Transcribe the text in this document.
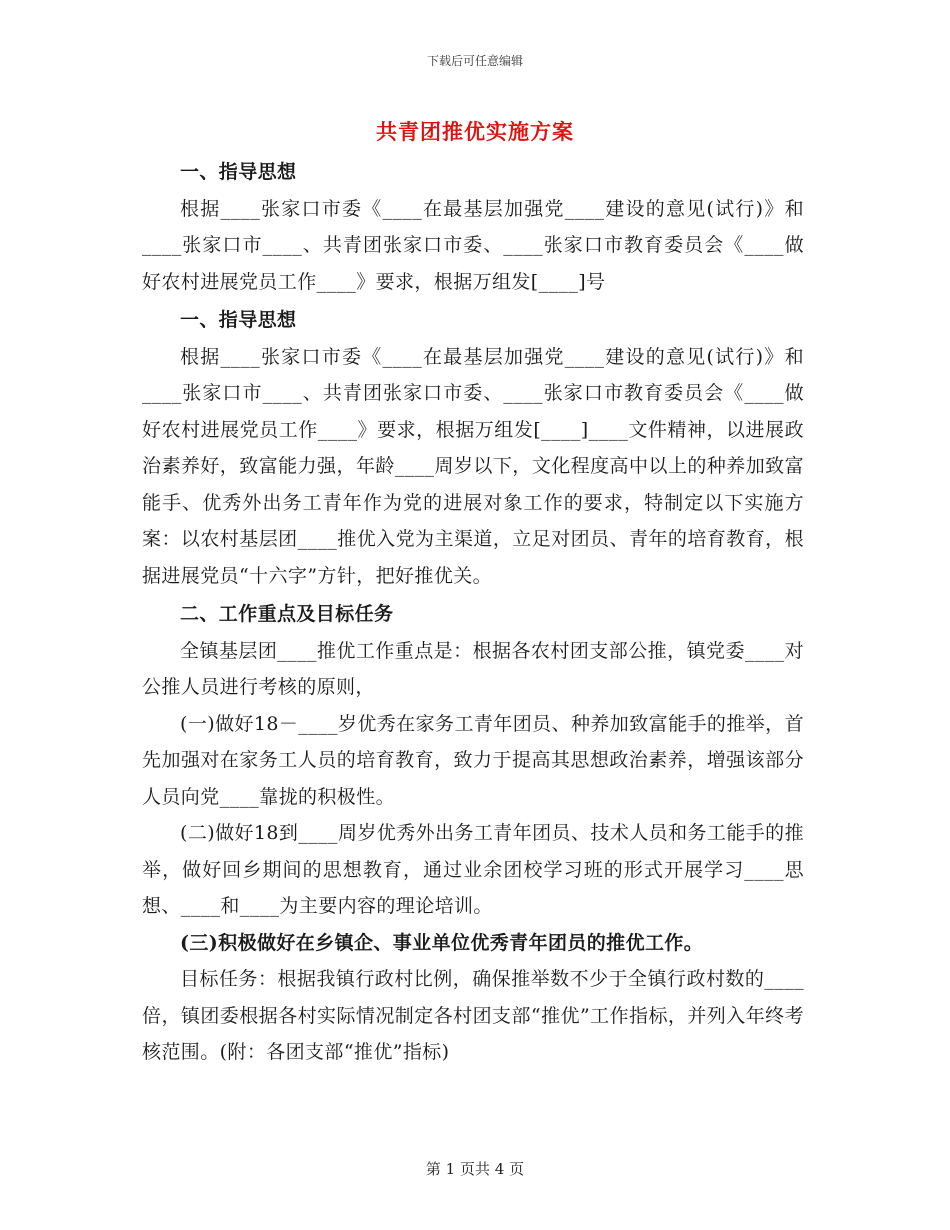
下载后可任意编辑
共青团推优实施方案

一、指导思想

根据____张家口市委《____在最基层加强党____建设的意见(试行)》和____张家口市____、共青团张家口市委、____张家口市教育委员会《____做好农村进展党员工作____》要求，根据万组发[____]号

一、指导思想

根据____张家口市委《____在最基层加强党____建设的意见(试行)》和____张家口市____、共青团张家口市委、____张家口市教育委员会《____做好农村进展党员工作____》要求，根据万组发[____]____文件精神，以进展政治素养好，致富能力强，年龄____周岁以下，文化程度高中以上的种养加致富能手、优秀外出务工青年作为党的进展对象工作的要求，特制定以下实施方案：以农村基层团____推优入党为主渠道，立足对团员、青年的培育教育，根据进展党员“十六字”方针，把好推优关。

二、工作重点及目标任务

全镇基层团____推优工作重点是：根据各农村团支部公推，镇党委____对公推人员进行考核的原则，

(一)做好18－____岁优秀在家务工青年团员、种养加致富能手的推举，首先加强对在家务工人员的培育教育，致力于提高其思想政治素养，增强该部分人员向党____靠拢的积极性。

(二)做好18到____周岁优秀外出务工青年团员、技术人员和务工能手的推举，做好回乡期间的思想教育，通过业余团校学习班的形式开展学习____思想、____和____为主要内容的理论培训。

(三)积极做好在乡镇企、事业单位优秀青年团员的推优工作。

目标任务：根据我镇行政村比例，确保推举数不少于全镇行政村数的____倍，镇团委根据各村实际情况制定各村团支部“推优”工作指标，并列入年终考核范围。(附：各团支部“推优”指标)

第 1 页共 4 页
